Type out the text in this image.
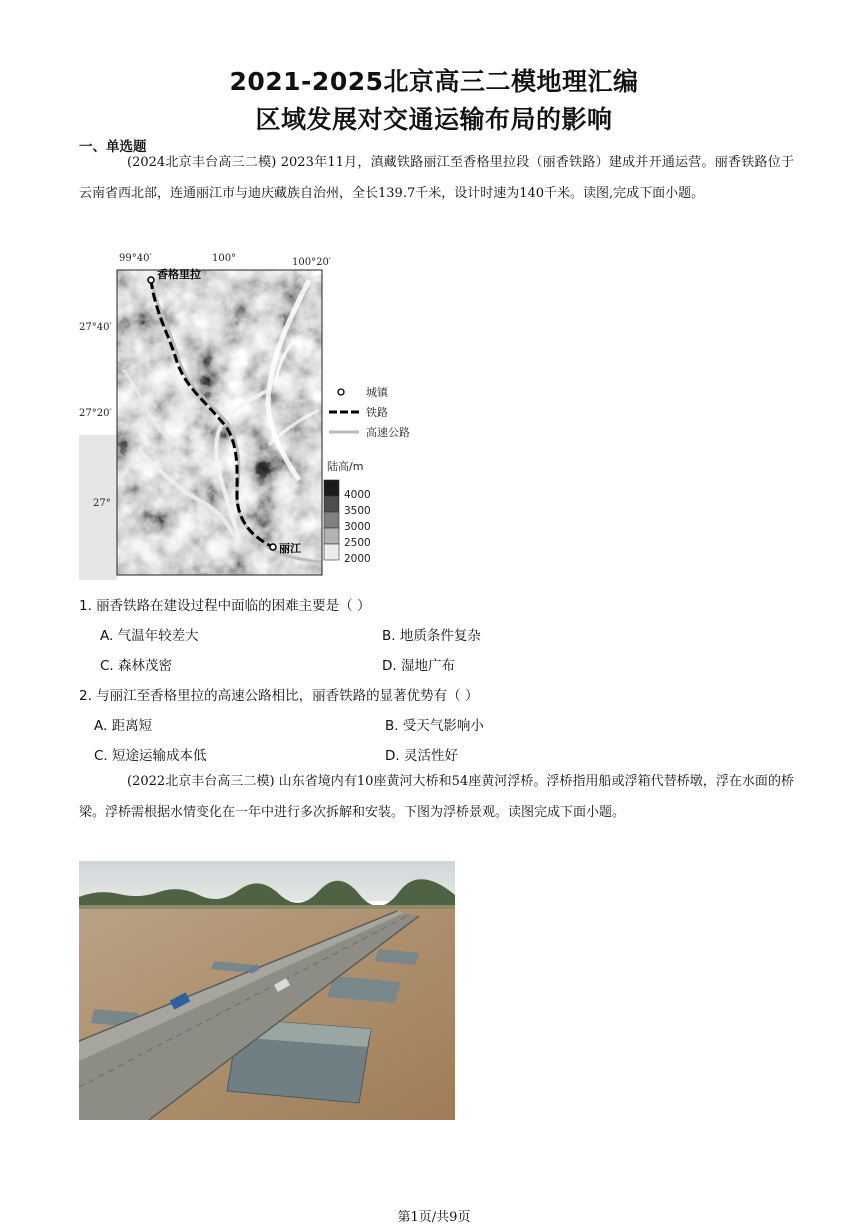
2021-2025北京高三二模地理汇编
区域发展对交通运输布局的影响
一、单选题
(2024北京丰台高三二模) 2023年11月，滇藏铁路丽江至香格里拉段（丽香铁路）建成并开通运营。丽香铁路位于云南省西北部，连通丽江市与迪庆藏族自治州，全长139.7千米，设计时速为140千米。读图,完成下面小题。
香格里拉
丽江
99°40′	100°	100°20′
27°40′
27°20′
27°
城镇
铁路
高速公路
陆高/m
4000
3500
3000
2500
2000
1. 丽香铁路在建设过程中面临的困难主要是（ ）
A. 气温年较差大	B. 地质条件复杂
C. 森林茂密	D. 湿地广布
2. 与丽江至香格里拉的高速公路相比，丽香铁路的显著优势有（ ）
A. 距离短	B. 受天气影响小
C. 短途运输成本低	D. 灵活性好
(2022北京丰台高三二模) 山东省境内有10座黄河大桥和54座黄河浮桥。浮桥指用船或浮箱代替桥墩，浮在水面的桥梁。浮桥需根据水情变化在一年中进行多次拆解和安装。下图为浮桥景观。读图完成下面小题。
第1页/共9页
